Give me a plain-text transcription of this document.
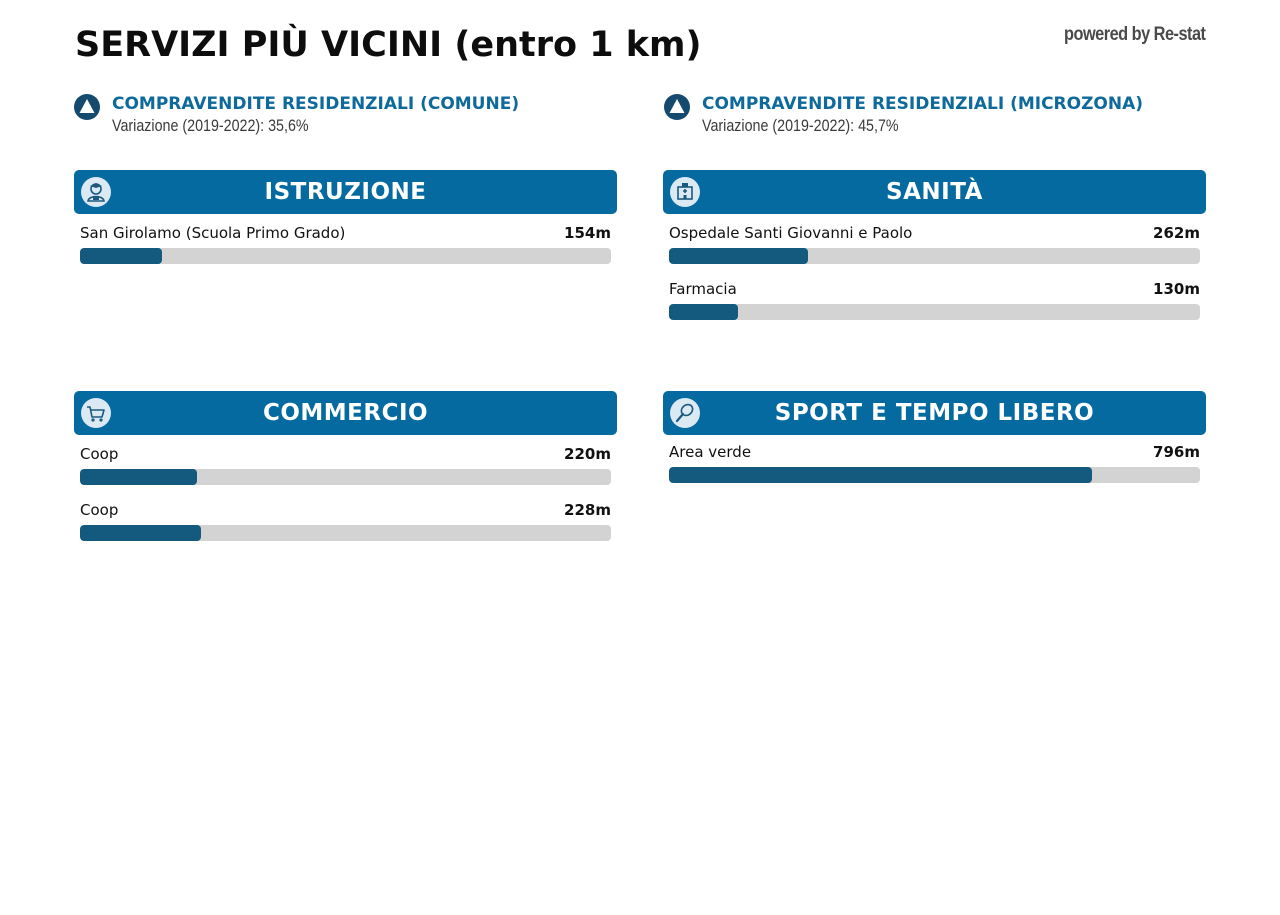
SERVIZI PIÙ VICINI (entro 1 km)	powered by Re-stat
COMPRAVENDITE RESIDENZIALI (COMUNE)
Variazione (2019-2022): 35,6%
COMPRAVENDITE RESIDENZIALI (MICROZONA)
Variazione (2019-2022): 45,7%
ISTRUZIONE
San Girolamo (Scuola Primo Grado)	154m
SANITÀ
Ospedale Santi Giovanni e Paolo	262m
Farmacia	130m
COMMERCIO
Coop	220m
Coop	228m
SPORT E TEMPO LIBERO
Area verde	796m
